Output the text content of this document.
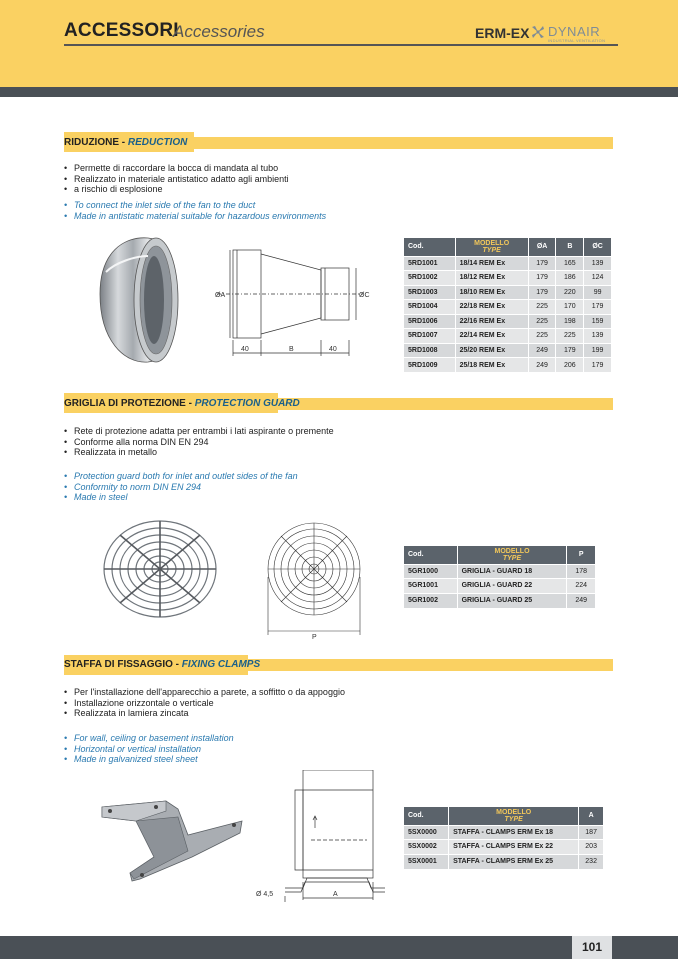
ACCESSORI
Accessories	ERM-EX DYNAIR
INDUSTRIAL VENTILATION
RIDUZIONE - REDUCTION
• Permette di raccordare la bocca di mandata al tubo
• Realizzato in materiale antistatico adatto agli ambienti
• a rischio di esplosione
• To connect the inlet side of the fan to the duct
• Made in antistatic material suitable for hazardous environments
ØA	ØC
40	B	40
Cod.	MODELLO
TYPE	ØA	B	ØC
5RD1001	18/14 REM Ex	179	165	139
5RD1002	18/12 REM Ex	179	186	124
5RD1003	18/10 REM Ex	179	220	99
5RD1004	22/18 REM Ex	225	170	179
5RD1006	22/16 REM Ex	225	198	159
5RD1007	22/14 REM Ex	225	225	139
5RD1008	25/20 REM Ex	249	179	199
5RD1009	25/18 REM Ex	249	206	179
GRIGLIA DI PROTEZIONE - PROTECTION GUARD
• Rete di protezione adatta per entrambi i lati aspirante o premente
• Conforme alla norma DIN EN 294
• Realizzata in metallo
• Protection guard both for inlet and outlet sides of the fan
• Conformity to norm DIN EN 294
• Made in steel
P
Cod.	MODELLO
TYPE	P
5GR1000	GRIGLIA - GUARD 18	178
5GR1001	GRIGLIA - GUARD 22	224
5GR1002	GRIGLIA - GUARD 25	249
STAFFA DI FISSAGGIO - FIXING CLAMPS
• Per l'installazione dell'apparecchio a parete, a soffitto o da appoggio
• Installazione orizzontale o verticale
• Realizzata in lamiera zincata
• For wall, ceiling or basement installation
• Horizontal or vertical installation
• Made in galvanized steel sheet
A
Ø 4,5
Cod.	MODELLO
TYPE	A
5SX0000	STAFFA - CLAMPS ERM Ex 18	187
5SX0002	STAFFA - CLAMPS ERM Ex 22	203
5SX0001	STAFFA - CLAMPS ERM Ex 25	232
101
